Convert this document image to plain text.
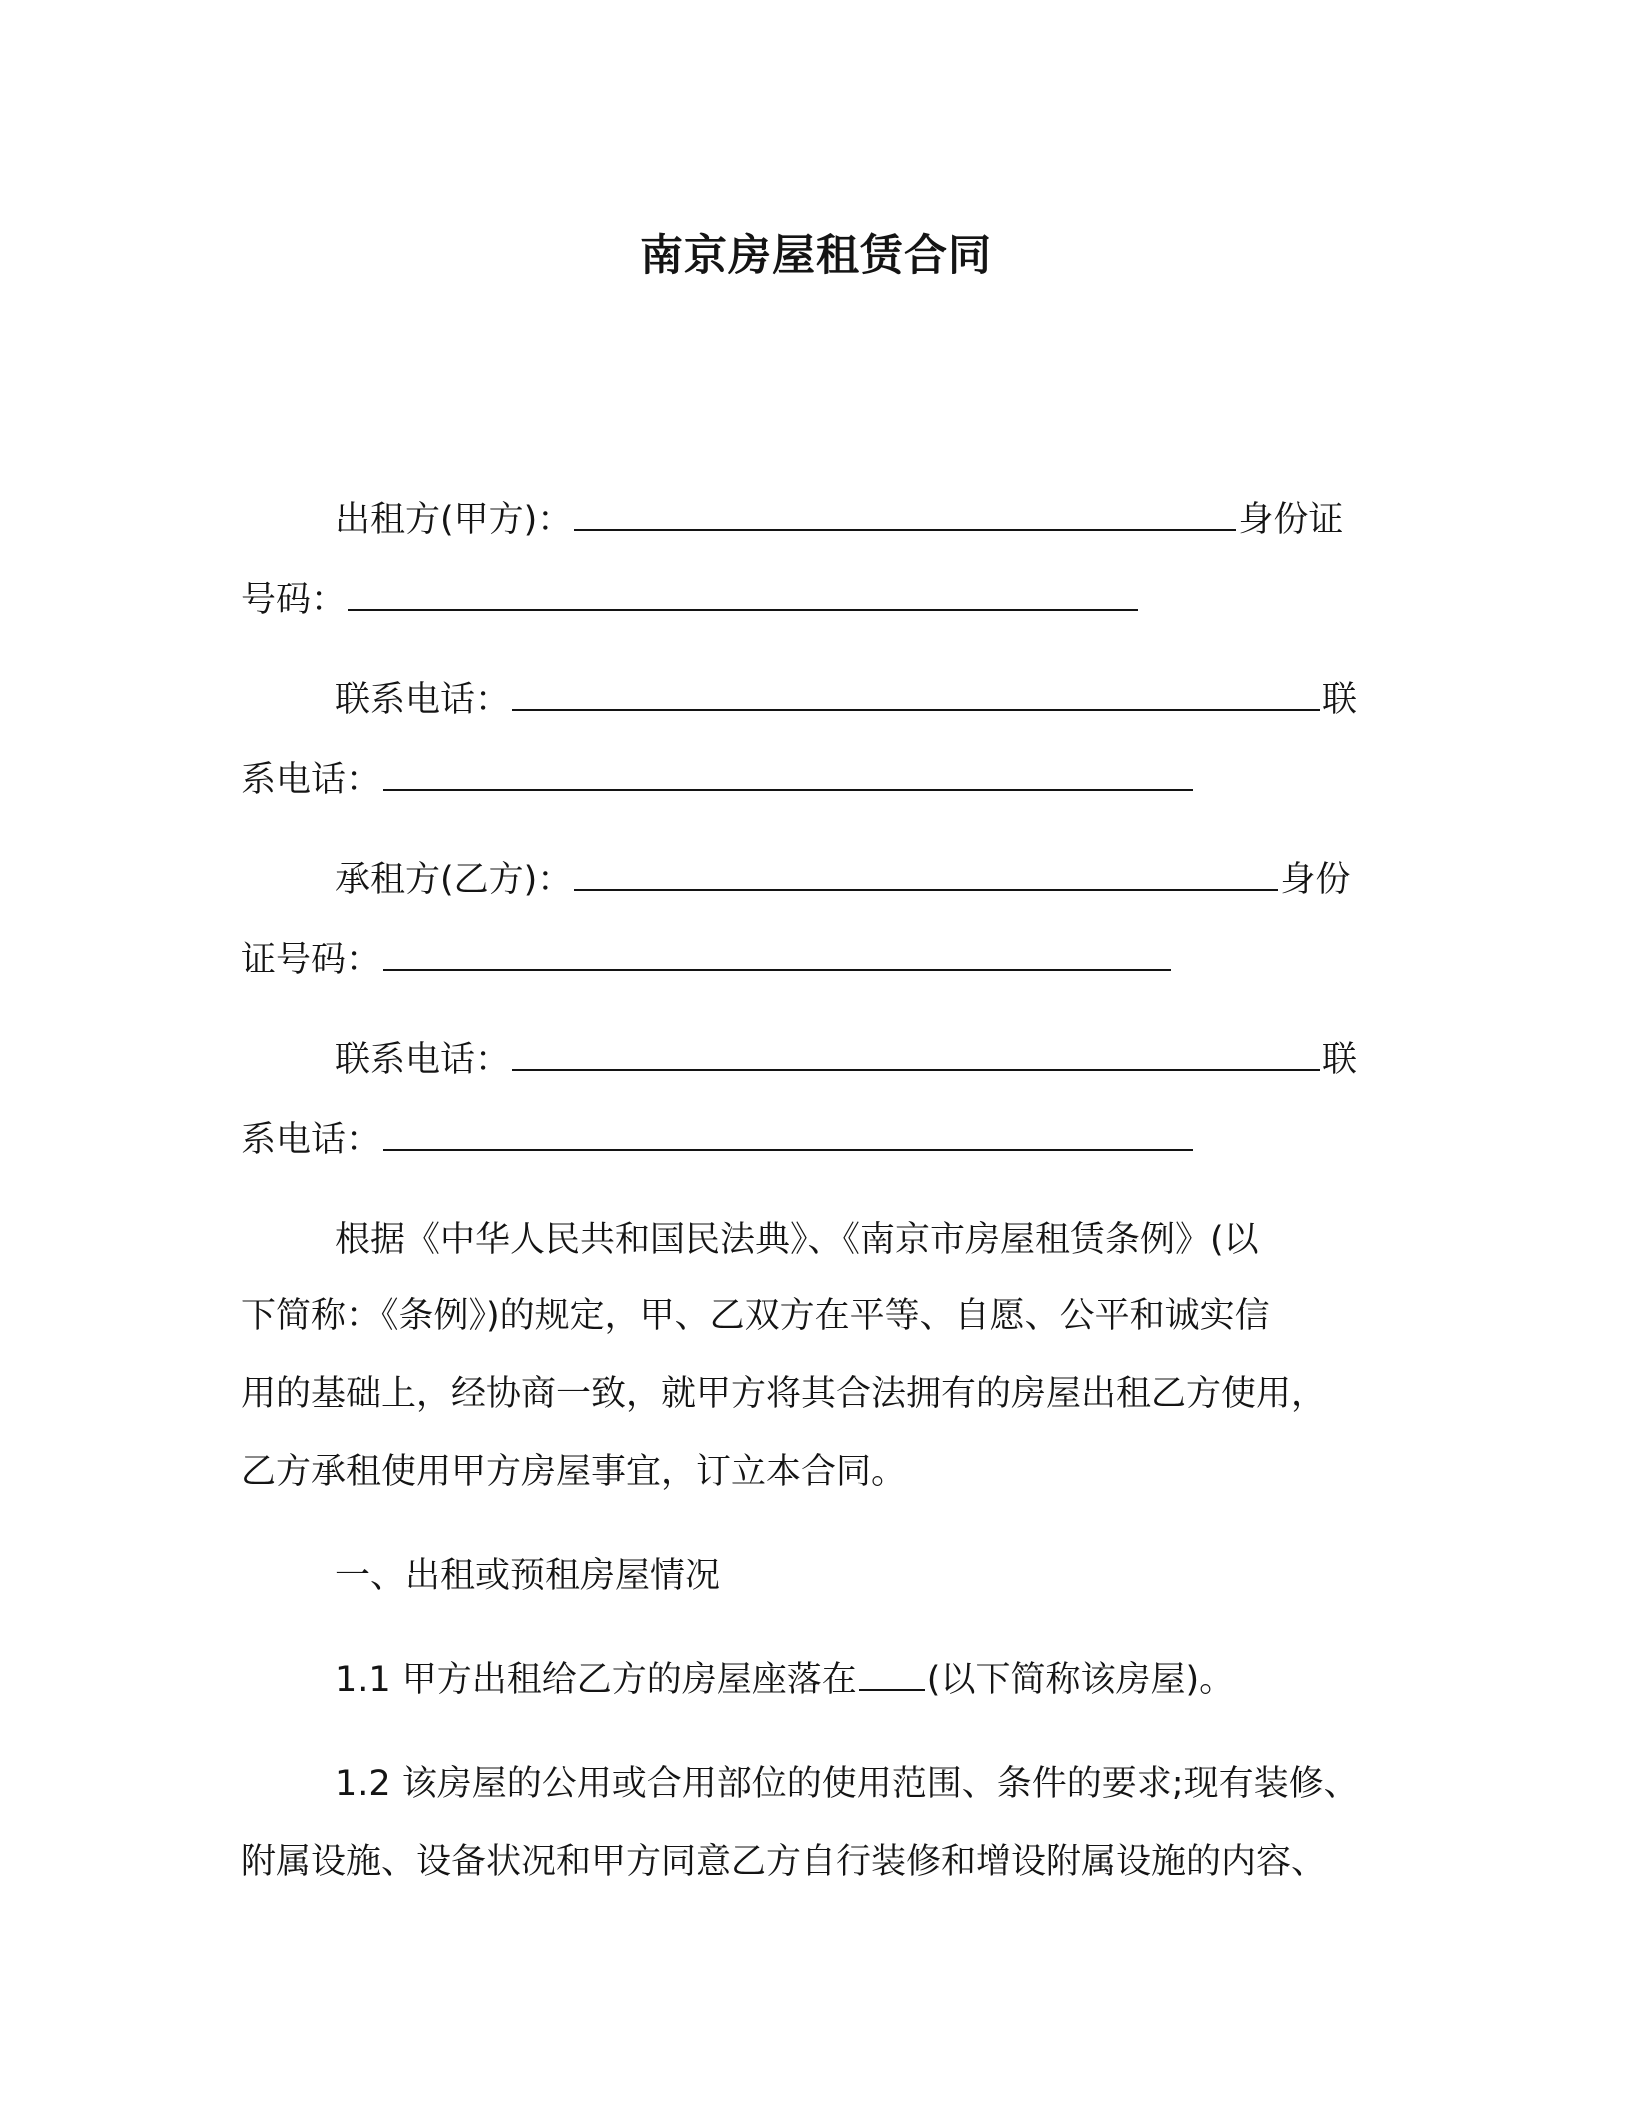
南京房屋租赁合同

出租方(甲方)：	身份证

号码：

联系电话：	联

系电话：

承租方(乙方)：	身份

证号码：

联系电话：	联

系电话：

根据《中华人民共和国民法典》、《南京市房屋租赁条例》(以

下简称：《条例》)的规定，甲、乙双方在平等、自愿、公平和诚实信

用的基础上，经协商一致，就甲方将其合法拥有的房屋出租乙方使用，

乙方承租使用甲方房屋事宜，订立本合同。

一、出租或预租房屋情况

1.1 甲方出租给乙方的房屋座落在(以下简称该房屋)。

1.2 该房屋的公用或合用部位的使用范围、条件的要求;现有装修、

附属设施、设备状况和甲方同意乙方自行装修和增设附属设施的内容、
